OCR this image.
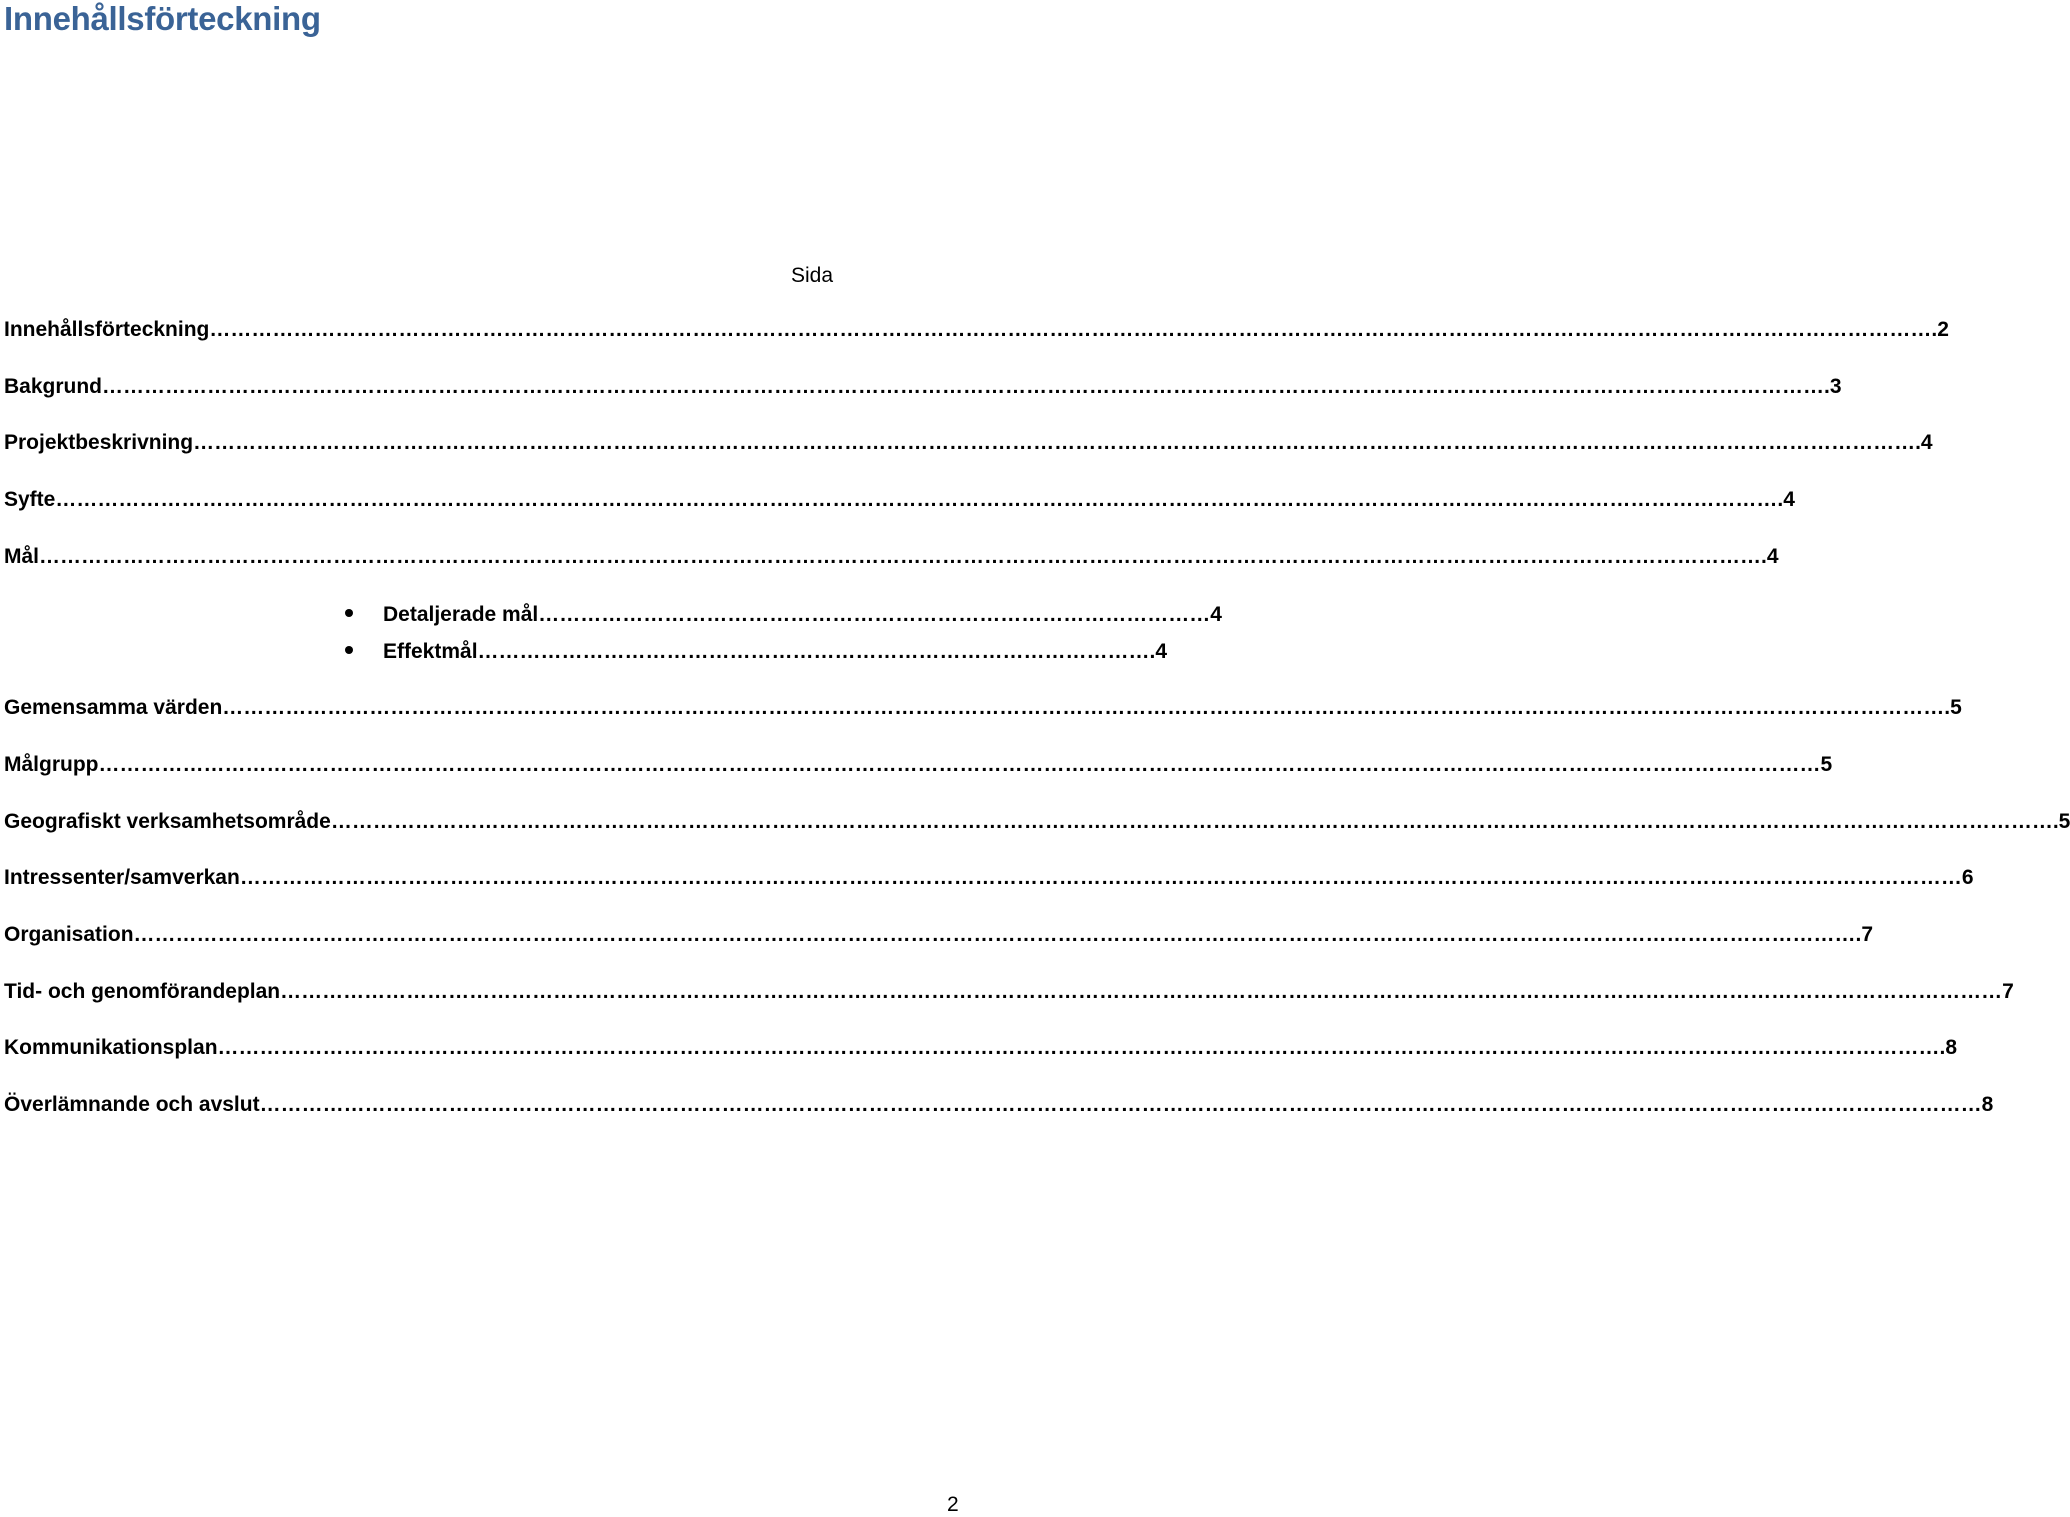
Innehållsförteckning
Sida
Innehållsförteckning …………………………………………………………………………………………………………………………………………………………………………………………………………………………	.2
Bakgrund …………………………………………………………………………………………………………………………………………………………………………………………………………………………	.3
Projektbeskrivning …………………………………………………………………………………………………………………………………………………………………………………………………………………………	.4
Syfte …………………………………………………………………………………………………………………………………………………………………………………………………………………………	.4
Mål …………………………………………………………………………………………………………………………………………………………………………………………………………………………	.4
Detaljerade mål …………………………………………………………………………………… 4
Effektmål …………………………………………………………………………………… .4
Gemensamma värden …………………………………………………………………………………………………………………………………………………………………………………………………………………………	.5
Målgrupp …………………………………………………………………………………………………………………………………………………………………………………………………………………………	5
Geografiskt verksamhetsområde …………………………………………………………………………………………………………………………………………………………………………………………………………………………	.5
Intressenter/samverkan …………………………………………………………………………………………………………………………………………………………………………………………………………………………	6
Organisation …………………………………………………………………………………………………………………………………………………………………………………………………………………………	.7
Tid- och genomförandeplan …………………………………………………………………………………………………………………………………………………………………………………………………………………………	7
Kommunikationsplan …………………………………………………………………………………………………………………………………………………………………………………………………………………………	.8
Överlämnande och avslut …………………………………………………………………………………………………………………………………………………………………………………………………………………………	8
2
